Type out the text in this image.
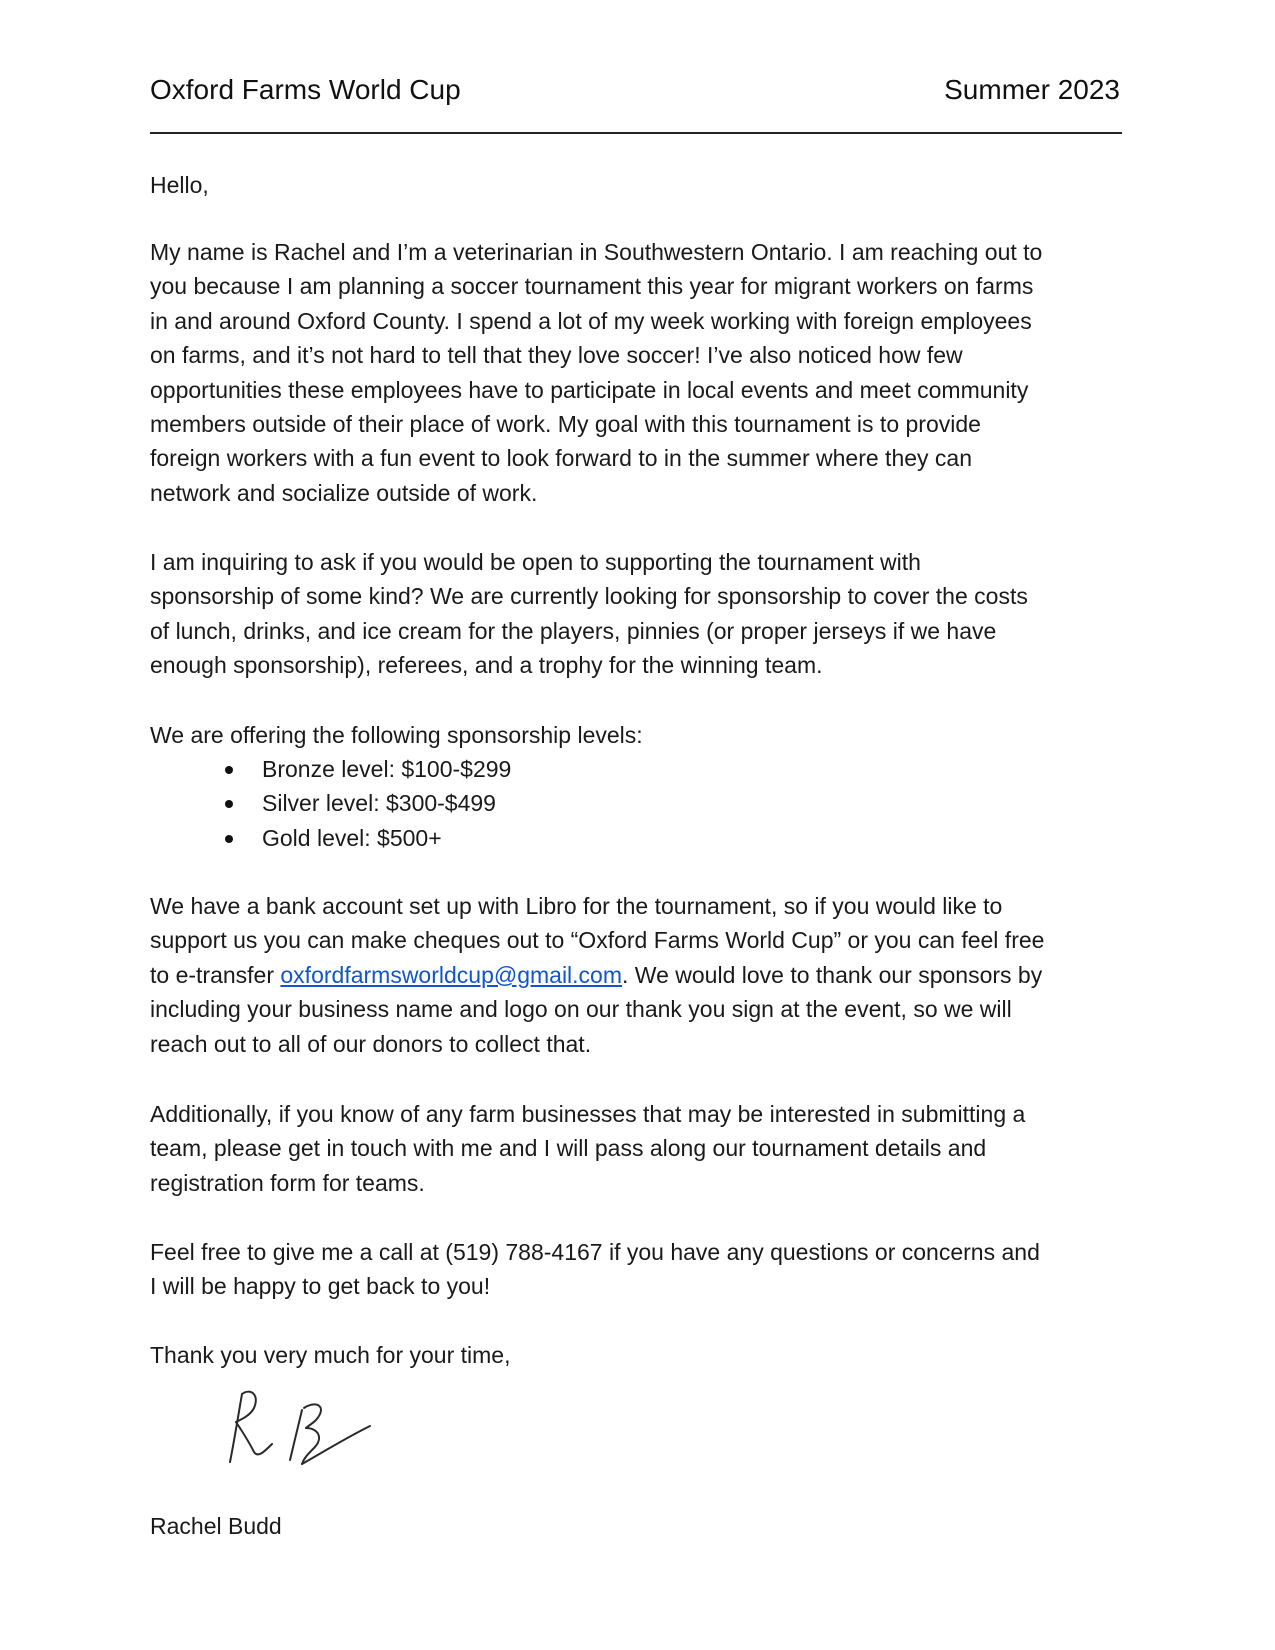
Oxford Farms World Cup	Summer 2023

Hello,

My name is Rachel and I’m a veterinarian in Southwestern Ontario. I am reaching out to
you because I am planning a soccer tournament this year for migrant workers on farms
in and around Oxford County. I spend a lot of my week working with foreign employees
on farms, and it’s not hard to tell that they love soccer! I’ve also noticed how few
opportunities these employees have to participate in local events and meet community
members outside of their place of work. My goal with this tournament is to provide
foreign workers with a fun event to look forward to in the summer where they can
network and socialize outside of work.

I am inquiring to ask if you would be open to supporting the tournament with
sponsorship of some kind? We are currently looking for sponsorship to cover the costs
of lunch, drinks, and ice cream for the players, pinnies (or proper jerseys if we have
enough sponsorship), referees, and a trophy for the winning team.

We are offering the following sponsorship levels:

Bronze level: $100-$299
Silver level: $300-$499
Gold level: $500+

We have a bank account set up with Libro for the tournament, so if you would like to
support us you can make cheques out to “Oxford Farms World Cup” or you can feel free
to e-transfer oxfordfarmsworldcup@gmail.com. We would love to thank our sponsors by
including your business name and logo on our thank you sign at the event, so we will
reach out to all of our donors to collect that.

Additionally, if you know of any farm businesses that may be interested in submitting a
team, please get in touch with me and I will pass along our tournament details and
registration form for teams.

Feel free to give me a call at (519) 788-4167 if you have any questions or concerns and
I will be happy to get back to you!

Thank you very much for your time,

Rachel Budd
